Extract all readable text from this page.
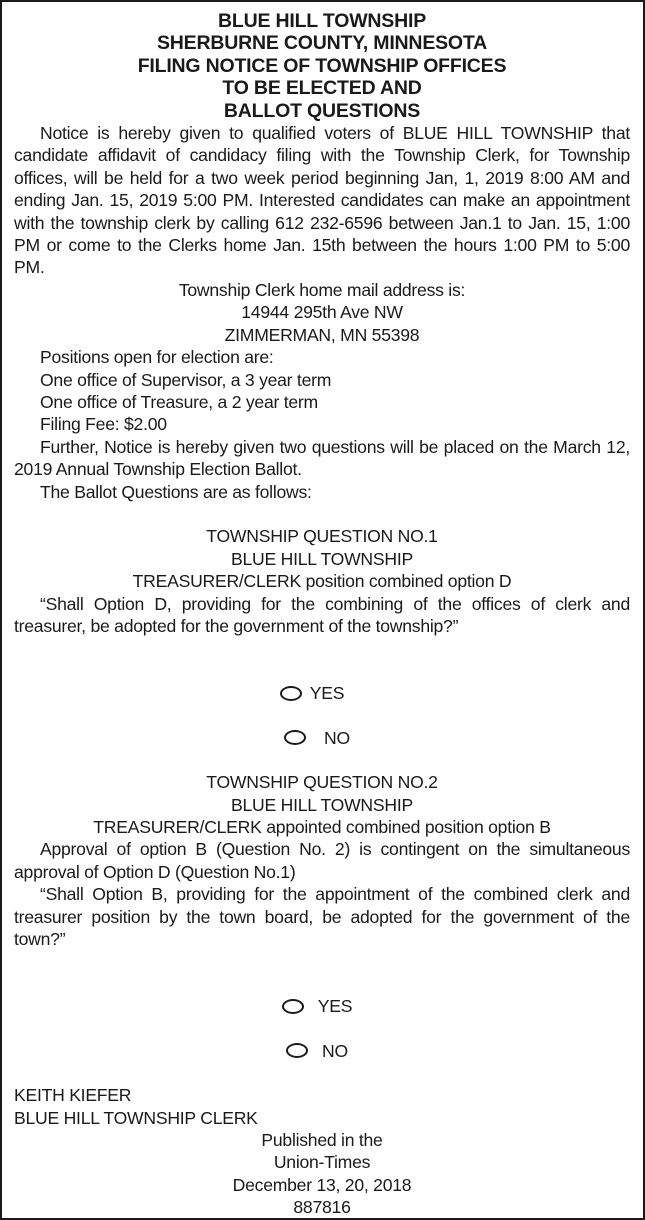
BLUE HILL TOWNSHIP
SHERBURNE COUNTY, MINNESOTA
FILING NOTICE OF TOWNSHIP OFFICES
TO BE ELECTED AND
BALLOT QUESTIONS

Notice is hereby given to qualified voters of BLUE HILL TOWNSHIP that candidate affidavit of candidacy filing with the Township Clerk, for Township offices, will be held for a two week period beginning Jan, 1, 2019 8:00 AM and ending Jan. 15, 2019 5:00 PM. Interested candidates can make an appointment with the township clerk by calling 612 232-6596 between Jan.1 to Jan. 15, 1:00 PM or come to the Clerks home Jan. 15th between the hours 1:00 PM to 5:00 PM.

Township Clerk home mail address is:
14944 295th Ave NW
ZIMMERMAN, MN 55398
Positions open for election are:
One office of Supervisor, a 3 year term
One office of Treasure, a 2 year term
Filing Fee: $2.00

Further, Notice is hereby given two questions will be placed on the March 12, 2019 Annual Township Election Ballot.

The Ballot Questions are as follows:
TOWNSHIP QUESTION NO.1
BLUE HILL TOWNSHIP
TREASURER/CLERK position combined option D

“Shall Option D, providing for the combining of the offices of clerk and treasurer, be adopted for the government of the township?”

YES
NO
TOWNSHIP QUESTION NO.2
BLUE HILL TOWNSHIP
TREASURER/CLERK appointed combined position option B

Approval of option B (Question No. 2) is contingent on the simultaneous approval of Option D (Question No.1)

“Shall Option B, providing for the appointment of the combined clerk and treasurer position by the town board, be adopted for the government of the town?”

YES
NO
KEITH KIEFER
BLUE HILL TOWNSHIP CLERK
Published in the
Union-Times
December 13, 20, 2018
887816
